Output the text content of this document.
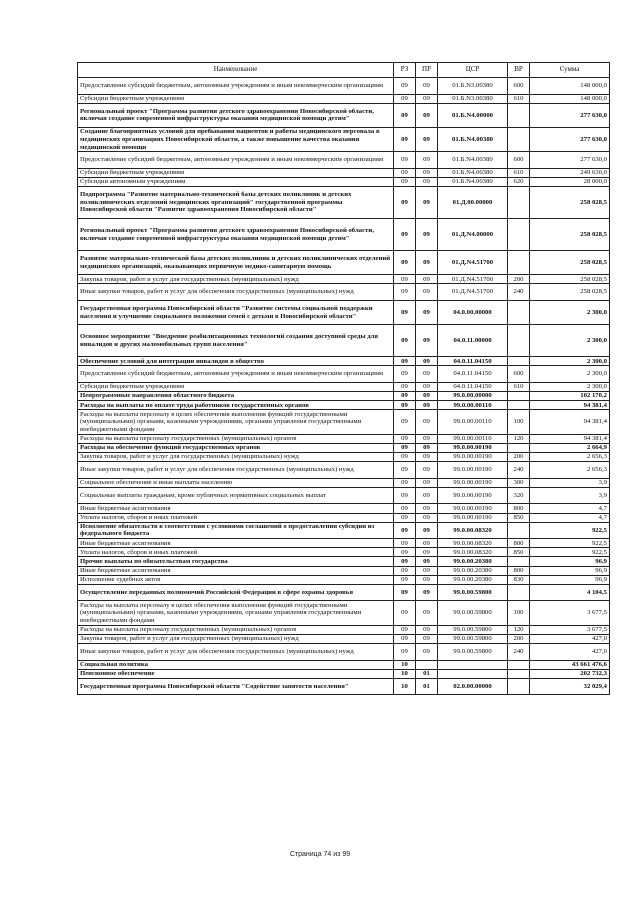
Наименование	РЗ	ПР	ЦСР	ВР	Сумма
Предоставление субсидий бюджетным, автономным учреждениям и иным некоммерческим организациям	09	09	01.Б.N3.00380	600	148 000,0
Субсидии бюджетным учреждениям	09	09	01.Б.N3.00380	610	148 000,0
Региональный проект "Программа развития детского здравоохранения Новосибирской области, включая создание современной инфраструктуры оказания медицинской помощи детям"	09	09	01.Б.N4.00000		277 630,0
Создание благоприятных условий для пребывания пациентов и работы медицинского персонала в медицинских организациях Новосибирской области, а также повышение качества оказания медицинской помощи	09	09	01.Б.N4.00380		277 630,0
Предоставление субсидий бюджетным, автономным учреждениям и иным некоммерческим организациям	09	09	01.Б.N4.00380	600	277 630,0
Субсидии бюджетным учреждениям	09	09	01.Б.N4.00380	610	249 630,0
Субсидии автономным учреждениям	09	09	01.Б.N4.00380	620	28 000,0
Подпрограмма "Развитие материально-технической базы детских поликлиник и детских поликлинических отделений медицинских организаций" государственной программы Новосибирской области "Развитие здравоохранения Новосибирской области"	09	09	01.Д.00.00000		258 028,5
Региональный проект "Программа развития детского здравоохранения Новосибирской области, включая создание современной инфраструктуры оказания медицинской помощи детям"	09	09	01.Д.N4.00000		258 028,5
Развитие материально-технической базы детских поликлиник и детских поликлинических отделений медицинских организаций, оказывающих первичную медико-санитарную помощь	09	09	01.Д.N4.51700		258 028,5
Закупка товаров, работ и услуг для государственных (муниципальных) нужд	09	09	01.Д.N4.51700	200	258 028,5
Иные закупки товаров, работ и услуг для обеспечения государственных (муниципальных) нужд	09	09	01.Д.N4.51700	240	258 028,5
Государственная программа Новосибирской области "Развитие системы социальной поддержки населения и улучшение социального положения семей с детьми в Новосибирской области"	09	09	04.0.00.00000		2 300,0
Основное мероприятие "Внедрение реабилитационных технологий создания доступной среды для инвалидов и других маломобильных групп населения"	09	09	04.0.11.00000		2 300,0
Обеспечение условий для интеграции инвалидов в общество	09	09	04.0.11.04150		2 300,0
Предоставление субсидий бюджетным, автономным учреждениям и иным некоммерческим организациям	09	09	04.0.11.04150	600	2 300,0
Субсидии бюджетным учреждениям	09	09	04.0.11.04150	610	2 300,0
Непрограммные направления областного бюджета	09	09	99.0.00.00000		102 170,2
Расходы на выплаты по оплате труда работников государственных органов	09	09	99.0.00.00110		94 381,4
Расходы на выплаты персоналу в целях обеспечения выполнения функций государственными (муниципальными) органами, казенными учреждениями, органами управления государственными внебюджетными фондами	09	09	99.0.00.00110	100	94 381,4
Расходы на выплаты персоналу государственных (муниципальных) органов	09	09	99.0.00.00110	120	94 381,4
Расходы на обеспечение функций государственных органов	09	09	99.0.00.00190		2 664,9
Закупка товаров, работ и услуг для государственных (муниципальных) нужд	09	09	99.0.00.00190	200	2 656,3
Иные закупки товаров, работ и услуг для обеспечения государственных (муниципальных) нужд	09	09	99.0.00.00190	240	2 656,3
Социальное обеспечение и иные выплаты населению	09	09	99.0.00.00190	300	3,9
Социальные выплаты гражданам, кроме публичных нормативных социальных выплат	09	09	99.0.00.00190	320	3,9
Иные бюджетные ассигнования	09	09	99.0.00.00190	800	4,7
Уплата налогов, сборов и иных платежей	09	09	99.0.00.00190	850	4,7
Исполнение обязательств в соответствии с условиями соглашений о предоставлении субсидии из федерального бюджета	09	09	99.0.00.08320		922,5
Иные бюджетные ассигнования	09	09	99.0.00.08320	800	922,5
Уплата налогов, сборов и иных платежей	09	09	99.0.00.08320	850	922,5
Прочие выплаты по обязательствам государства	09	09	99.0.00.20380		96,9
Иные бюджетные ассигнования	09	09	99.0.00.20380	800	96,9
Исполнение судебных актов	09	09	99.0.00.20380	830	96,9
Осуществление переданных полномочий Российской Федерации в сфере охраны здоровья	09	09	99.0.00.59800		4 104,5
Расходы на выплаты персоналу в целях обеспечения выполнения функций государственными (муниципальными) органами, казенными учреждениями, органами управления государственными внебюджетными фондами	09	09	99.0.00.59800	100	3 677,5
Расходы на выплаты персоналу государственных (муниципальных) органов	09	09	99.0.00.59800	120	3 677,5
Закупка товаров, работ и услуг для государственных (муниципальных) нужд	09	09	99.0.00.59800	200	427,0
Иные закупки товаров, работ и услуг для обеспечения государственных (муниципальных) нужд	09	09	99.0.00.59800	240	427,0
Социальная политика	10				43 661 476,6
Пенсионное обеспечение	10	01			202 732,3
Государственная программа Новосибирской области "Содействие занятости населения"	10	01	02.0.00.00000		32 029,4
Страница 74 из 99
